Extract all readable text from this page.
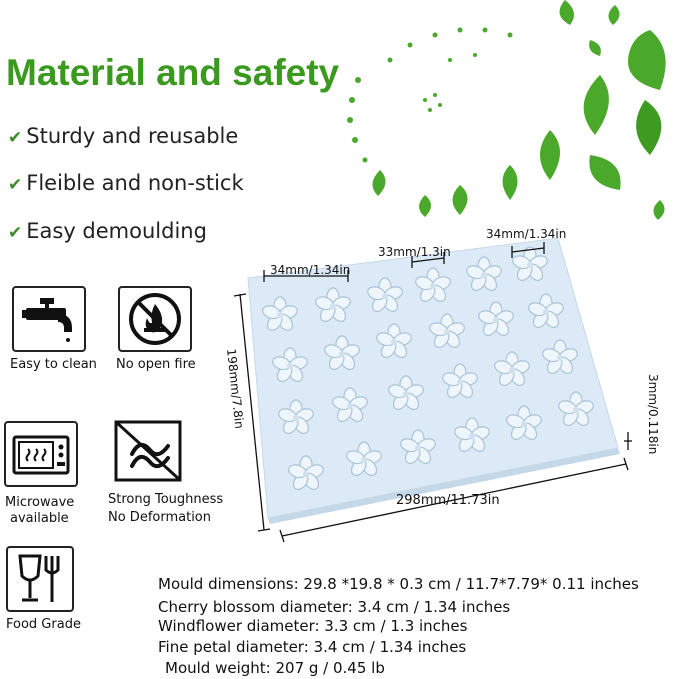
Material and safety
✔ Sturdy and reusable
✔ Fleible and non-stick
✔ Easy demoulding
Easy to clean No open fire
Microwave
available
Strong Toughness
No Deformation
Food Grade
34mm/1.34in
33mm/1.3in
34mm/1.34in
198mm/7.8in
298mm/11.73in
3mm/0.118in
Mould dimensions: 29.8 *19.8 * 0.3 cm / 11.7*7.79* 0.11 inches
Cherry blossom diameter: 3.4 cm / 1.34 inches
Windflower diameter: 3.3 cm / 1.3 inches
Fine petal diameter: 3.4 cm / 1.34 inches
Mould weight: 207 g / 0.45 lb
